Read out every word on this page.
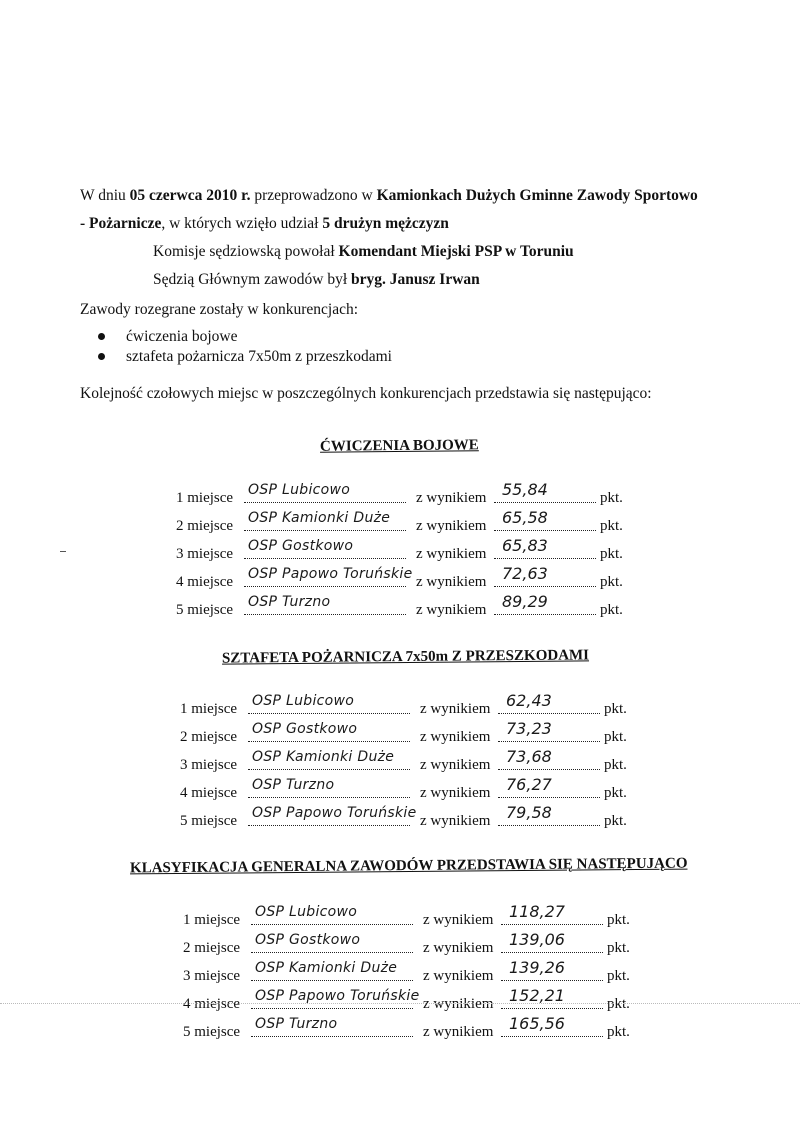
W dniu 05 czerwca 2010 r. przeprowadzono w Kamionkach Dużych Gminne Zawody Sportowo
- Pożarnicze, w których wzięło udział 5 drużyn mężczyzn
Komisje sędziowską powołał Komendant Miejski PSP w Toruniu
Sędzią Głównym zawodów był bryg. Janusz Irwan
Zawody rozegrane zostały w konkurencjach:
ćwiczenia bojowe
sztafeta pożarnicza 7x50m z przeszkodami
Kolejność czołowych miejsc w poszczególnych konkurencjach przedstawia się następująco:
ĆWICZENIA BOJOWE
1 miejsce OSP Lubicowo	z wynikiem 55,84	pkt.
2 miejsce OSP Kamionki Duże z wynikiem 65,58	pkt.
3 miejsce OSP Gostkowo	z wynikiem 65,83	pkt.
4 miejsce OSP Papowo Toruńskie z wynikiem 72,63	pkt.
5 miejsce OSP Turzno	z wynikiem 89,29	pkt.
SZTAFETA POŻARNICZA 7x50m Z PRZESZKODAMI
1 miejsce OSP Lubicowo	z wynikiem 62,43	pkt.
2 miejsce OSP Gostkowo	z wynikiem 73,23	pkt.
3 miejsce OSP Kamionki Duże z wynikiem 73,68	pkt.
4 miejsce OSP Turzno	z wynikiem 76,27	pkt.
5 miejsce OSP Papowo Toruńskie z wynikiem 79,58	pkt.
KLASYFIKACJA GENERALNA ZAWODÓW PRZEDSTAWIA SIĘ NASTĘPUJĄCO
1 miejsce OSP Lubicowo	z wynikiem 118,27	pkt.
2 miejsce OSP Gostkowo	z wynikiem 139,06	pkt.
3 miejsce OSP Kamionki Duże z wynikiem 139,26	pkt.
4 miejsce OSP Papowo Toruńskie z wynikiem 152,21	pkt.
5 miejsce OSP Turzno	z wynikiem 165,56	pkt.
